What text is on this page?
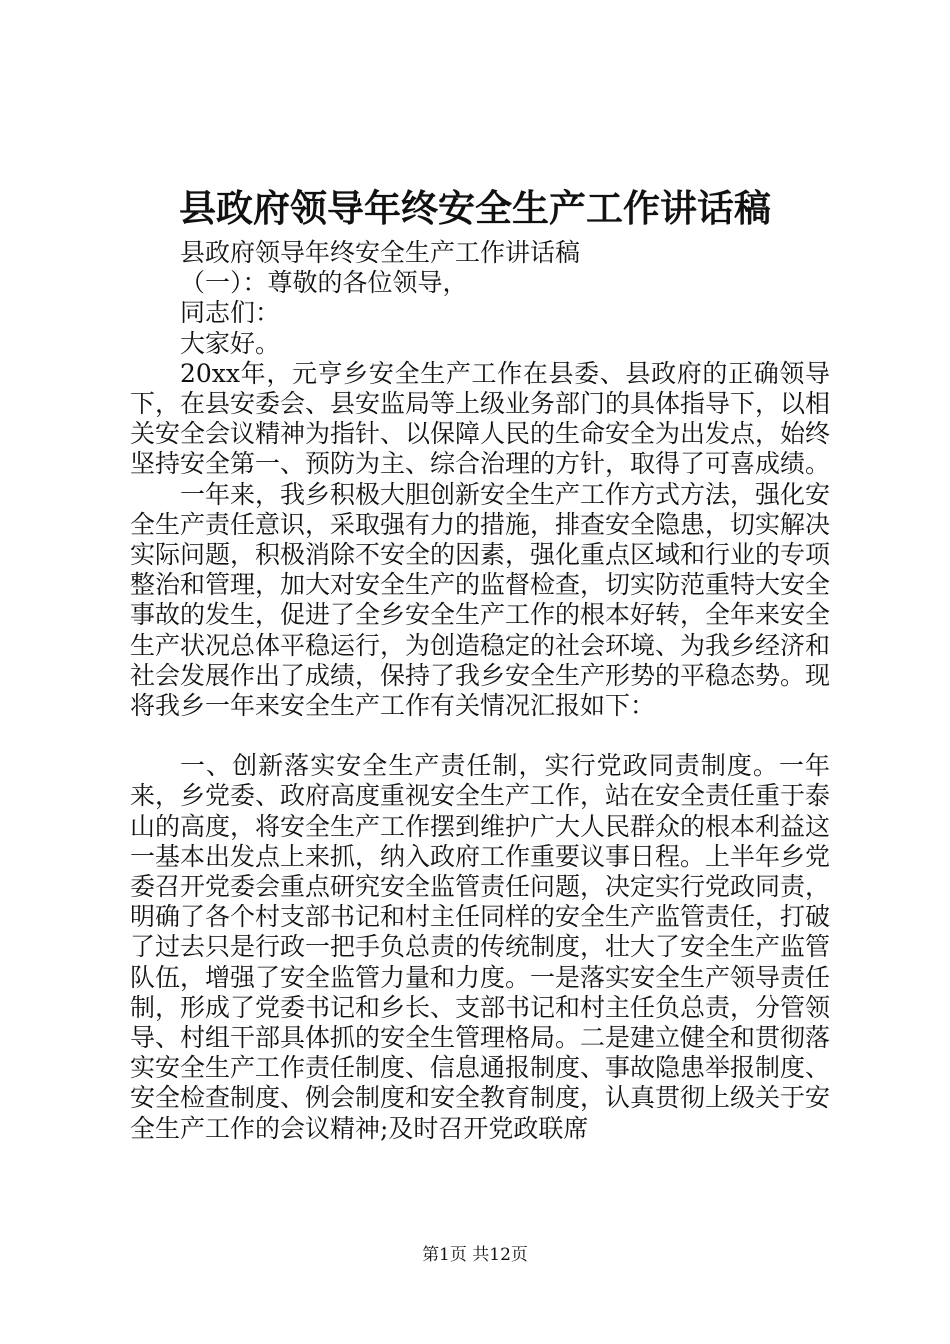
县政府领导年终安全生产工作讲话稿

县政府领导年终安全生产工作讲话稿

（一）：尊敬的各位领导，

同志们：

大家好。

20xx年，元亨乡安全生产工作在县委、县政府的正确领导下，在县安委会、县安监局等上级业务部门的具体指导下，以相关安全会议精神为指针、以保障人民的生命安全为出发点，始终坚持安全第一、预防为主、综合治理的方针，取得了可喜成绩。

一年来，我乡积极大胆创新安全生产工作方式方法，强化安全生产责任意识，采取强有力的措施，排查安全隐患，切实解决实际问题，积极消除不安全的因素，强化重点区域和行业的专项整治和管理，加大对安全生产的监督检查，切实防范重特大安全事故的发生，促进了全乡安全生产工作的根本好转，全年来安全生产状况总体平稳运行，为创造稳定的社会环境、为我乡经济和社会发展作出了成绩，保持了我乡安全生产形势的平稳态势。现将我乡一年来安全生产工作有关情况汇报如下：

一、创新落实安全生产责任制，实行党政同责制度。一年来，乡党委、政府高度重视安全生产工作，站在安全责任重于泰山的高度，将安全生产工作摆到维护广大人民群众的根本利益这一基本出发点上来抓，纳入政府工作重要议事日程。上半年乡党委召开党委会重点研究安全监管责任问题，决定实行党政同责，明确了各个村支部书记和村主任同样的安全生产监管责任，打破了过去只是行政一把手负总责的传统制度，壮大了安全生产监管队伍，增强了安全监管力量和力度。一是落实安全生产领导责任制，形成了党委书记和乡长、支部书记和村主任负总责，分管领导、村组干部具体抓的安全生管理格局。二是建立健全和贯彻落实安全生产工作责任制度、信息通报制度、事故隐患举报制度、安全检查制度、例会制度和安全教育制度，认真贯彻上级关于安全生产工作的会议精神;及时召开党政联席

第1页 共12页
